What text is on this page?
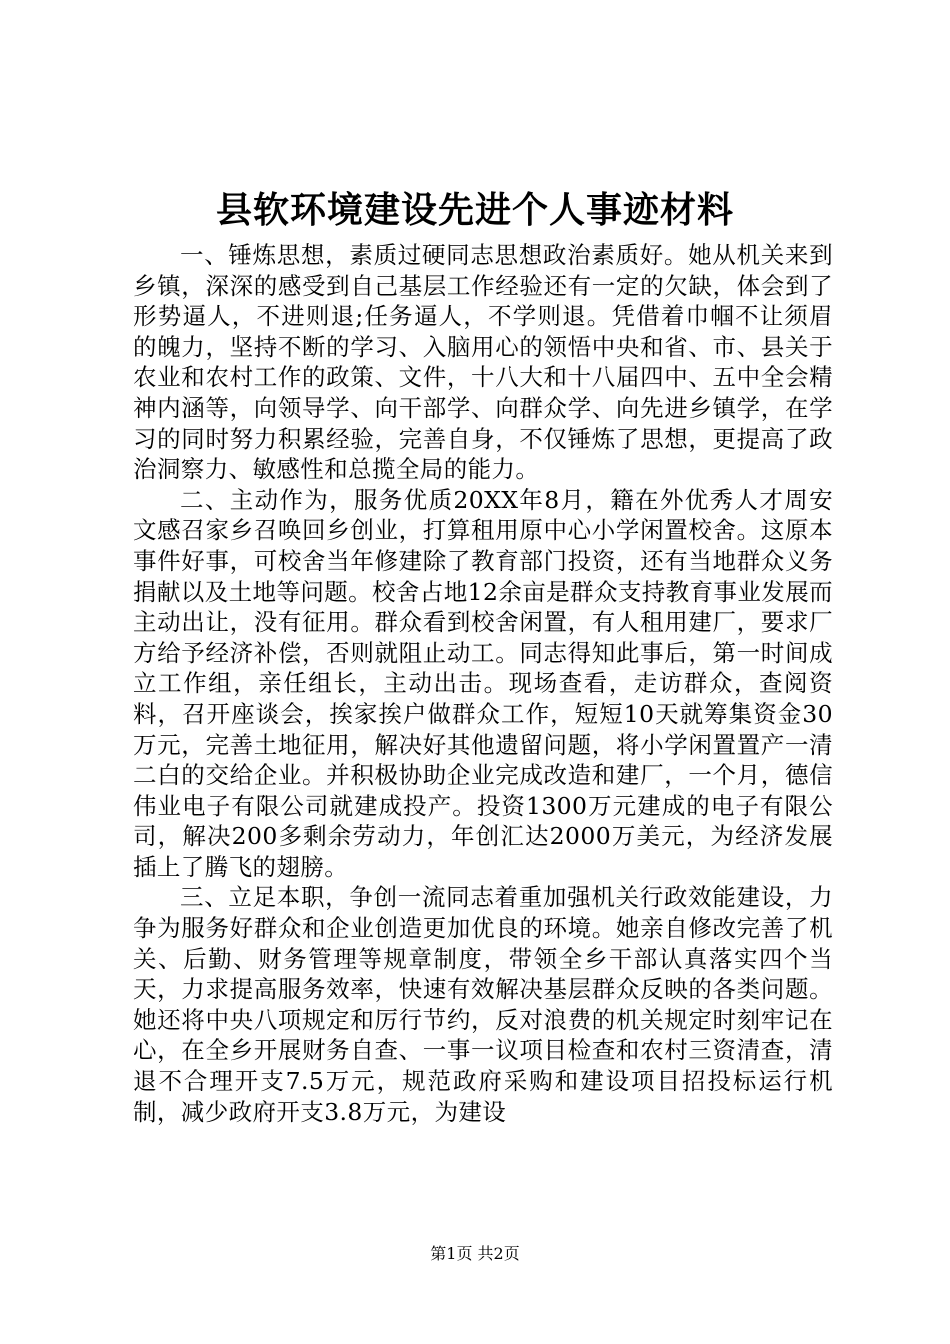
县软环境建设先进个人事迹材料

一、锤炼思想，素质过硬同志思想政治素质好。她从机关来到乡镇，深深的感受到自己基层工作经验还有一定的欠缺，体会到了形势逼人，不进则退;任务逼人，不学则退。凭借着巾帼不让须眉的魄力，坚持不断的学习、入脑用心的领悟中央和省、市、县关于农业和农村工作的政策、文件，十八大和十八届四中、五中全会精神内涵等，向领导学、向干部学、向群众学、向先进乡镇学，在学习的同时努力积累经验，完善自身，不仅锤炼了思想，更提高了政治洞察力、敏感性和总揽全局的能力。

二、主动作为，服务优质20XX年8月，籍在外优秀人才周安文感召家乡召唤回乡创业，打算租用原中心小学闲置校舍。这原本事件好事，可校舍当年修建除了教育部门投资，还有当地群众义务捐献以及土地等问题。校舍占地12余亩是群众支持教育事业发展而主动出让，没有征用。群众看到校舍闲置，有人租用建厂，要求厂方给予经济补偿，否则就阻止动工。同志得知此事后，第一时间成立工作组，亲任组长，主动出击。现场查看，走访群众，查阅资料，召开座谈会，挨家挨户做群众工作，短短10天就筹集资金30万元，完善土地征用，解决好其他遗留问题，将小学闲置置产一清二白的交给企业。并积极协助企业完成改造和建厂，一个月，德信伟业电子有限公司就建成投产。投资1300万元建成的电子有限公司，解决200多剩余劳动力，年创汇达2000万美元，为经济发展插上了腾飞的翅膀。

三、立足本职，争创一流同志着重加强机关行政效能建设，力争为服务好群众和企业创造更加优良的环境。她亲自修改完善了机关、后勤、财务管理等规章制度，带领全乡干部认真落实四个当天，力求提高服务效率，快速有效解决基层群众反映的各类问题。她还将中央八项规定和厉行节约，反对浪费的机关规定时刻牢记在心，在全乡开展财务自查、一事一议项目检查和农村三资清查，清退不合理开支7.5万元，规范政府采购和建设项目招投标运行机制，减少政府开支3.8万元，为建设

第1页 共2页
